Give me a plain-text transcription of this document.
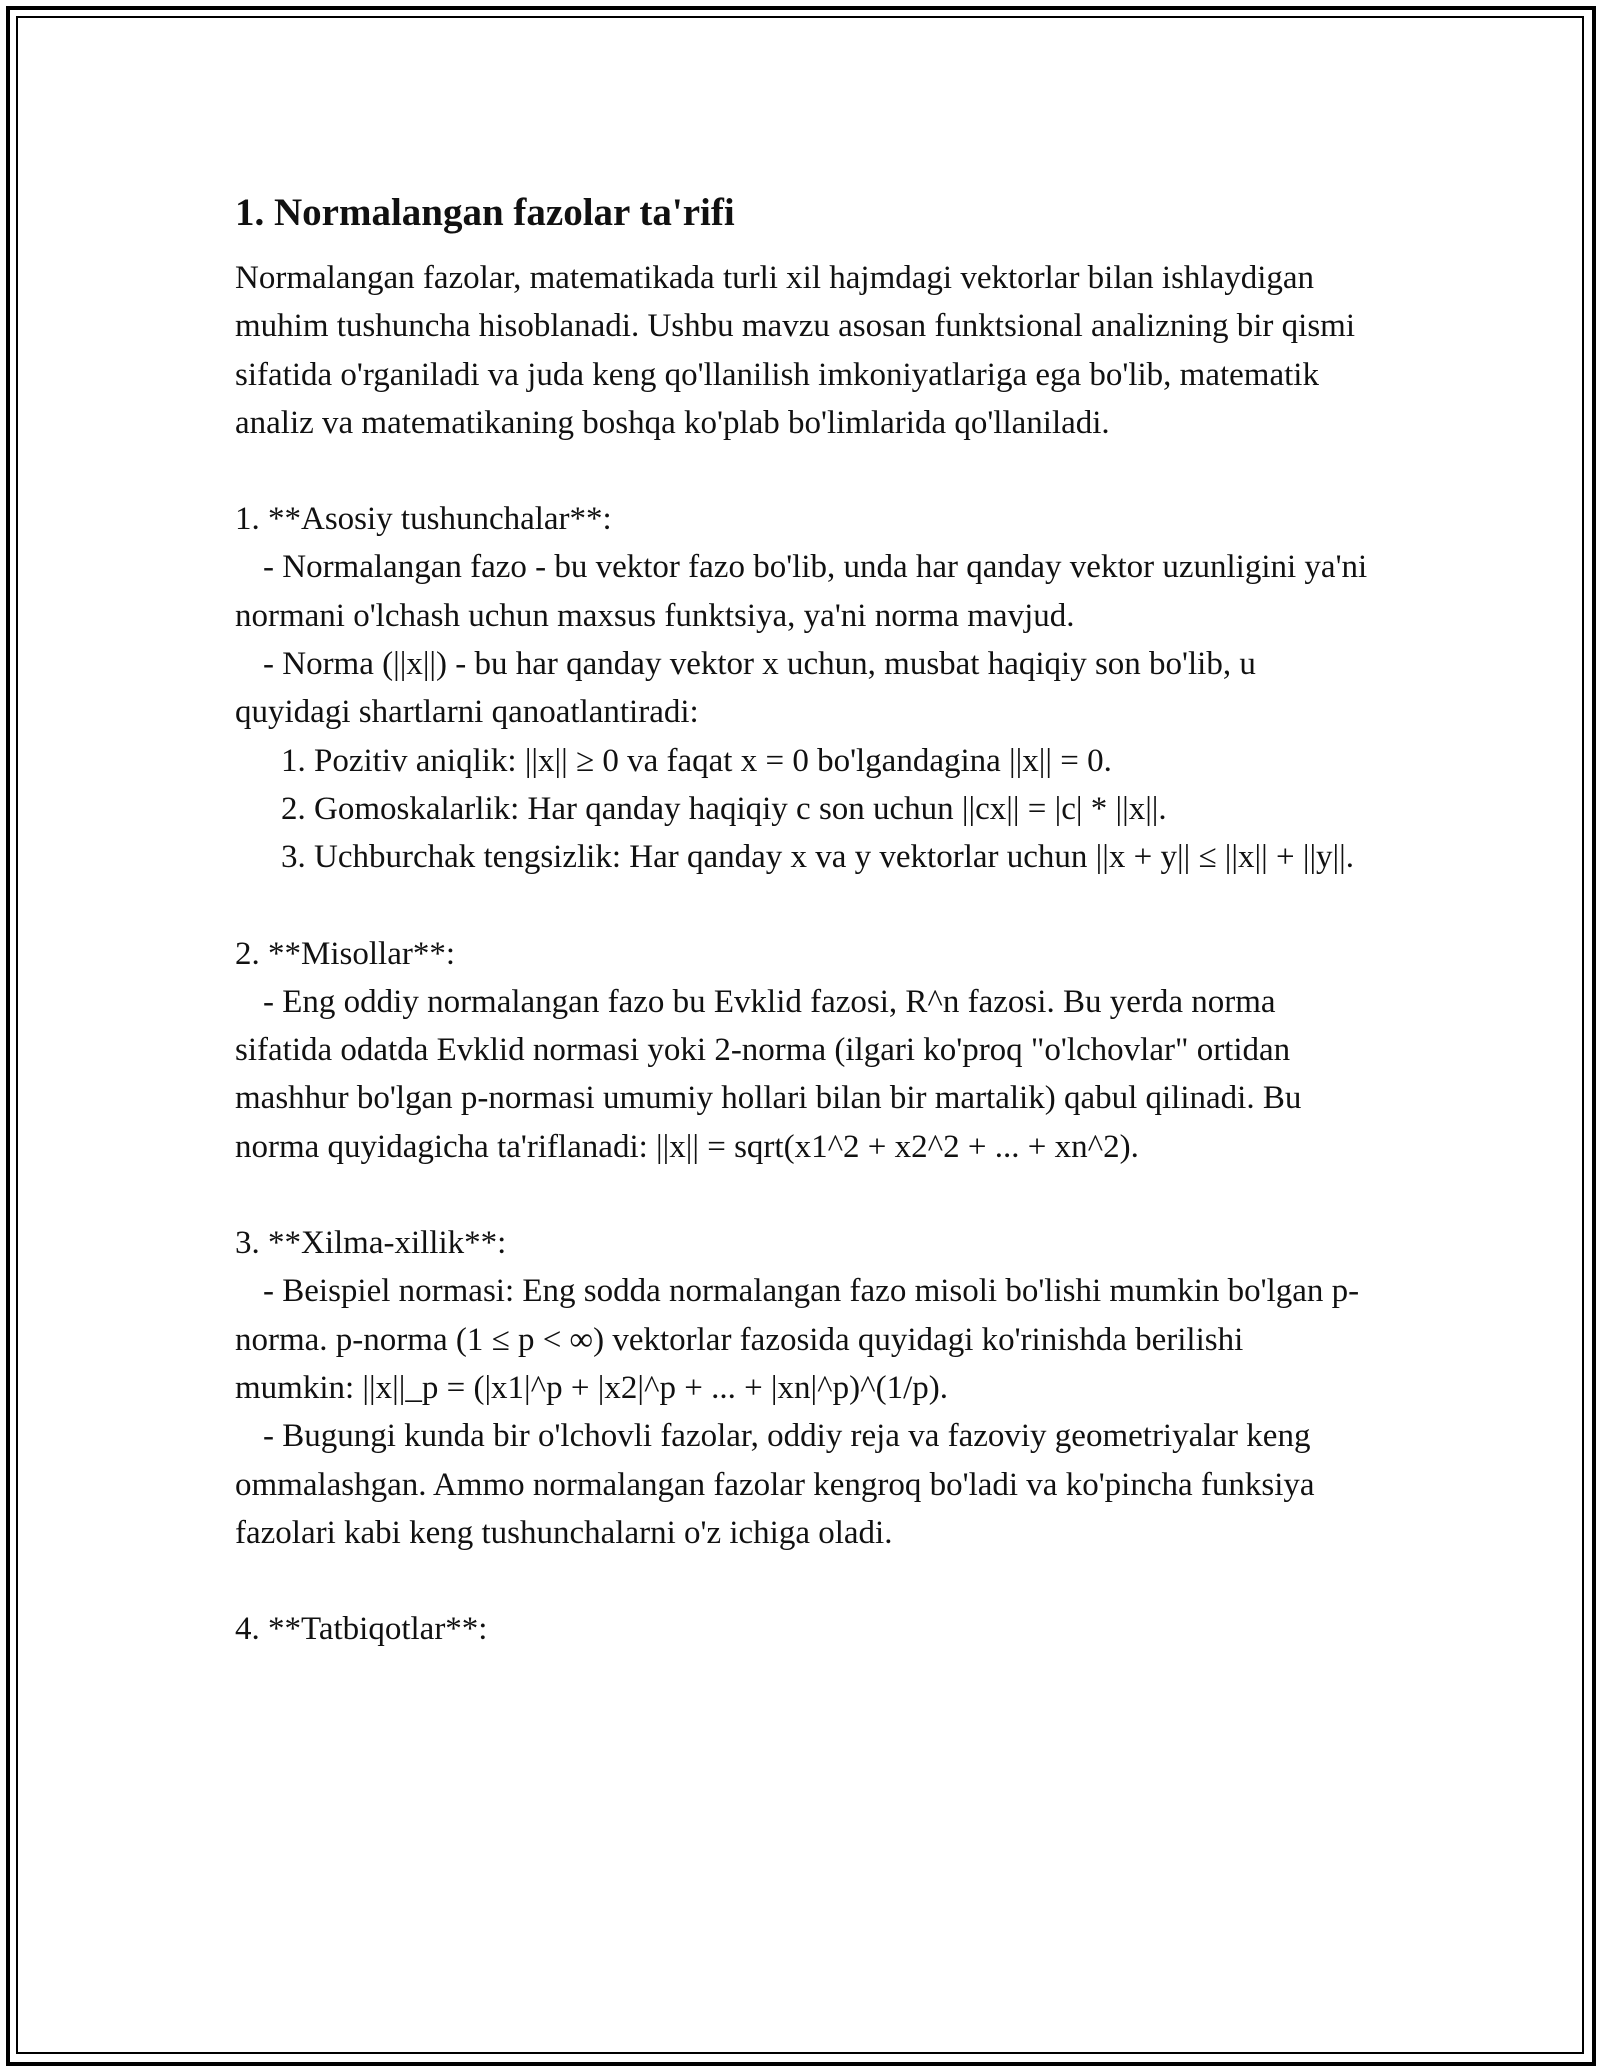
1. Normalangan fazolar ta'rifi

Normalangan fazolar, matematikada turli xil hajmdagi vektorlar bilan ishlaydigan muhim tushuncha hisoblanadi. Ushbu mavzu asosan funktsional analizning bir qismi sifatida o'rganiladi va juda keng qo'llanilish imkoniyatlariga ega bo'lib, matematik analiz va matematikaning boshqa ko'plab bo'limlarida qo'llaniladi.

1. **Asosiy tushunchalar**:
- Normalangan fazo - bu vektor fazo bo'lib, unda har qanday vektor uzunligini ya'ni normani o'lchash uchun maxsus funktsiya, ya'ni norma mavjud.
- Norma (||x||) - bu har qanday vektor x uchun, musbat haqiqiy son bo'lib, u quyidagi shartlarni qanoatlantiradi:
1. Pozitiv aniqlik: ||x|| ≥ 0 va faqat x = 0 bo'lgandagina ||x|| = 0.
2. Gomoskalarlik: Har qanday haqiqiy c son uchun ||cx|| = |c| * ||x||.
3. Uchburchak tengsizlik: Har qanday x va y vektorlar uchun ||x + y|| ≤ ||x|| + ||y||.
2. **Misollar**:
- Eng oddiy normalangan fazo bu Evklid fazosi, R^n fazosi. Bu yerda norma sifatida odatda Evklid normasi yoki 2-norma (ilgari ko'proq "o'lchovlar" ortidan mashhur bo'lgan p-normasi umumiy hollari bilan bir martalik) qabul qilinadi. Bu norma quyidagicha ta'riflanadi: ||x|| = sqrt(x1^2 + x2^2 + ... + xn^2).
3. **Xilma-xillik**:
- Beispiel normasi: Eng sodda normalangan fazo misoli bo'lishi mumkin bo'lgan p-norma. p-norma (1 ≤ p < ∞) vektorlar fazosida quyidagi ko'rinishda berilishi mumkin: ||x||_p = (|x1|^p + |x2|^p + ... + |xn|^p)^(1/p).
- Bugungi kunda bir o'lchovli fazolar, oddiy reja va fazoviy geometriyalar keng ommalashgan. Ammo normalangan fazolar kengroq bo'ladi va ko'pincha funksiya fazolari kabi keng tushunchalarni o'z ichiga oladi.
4. **Tatbiqotlar**:
